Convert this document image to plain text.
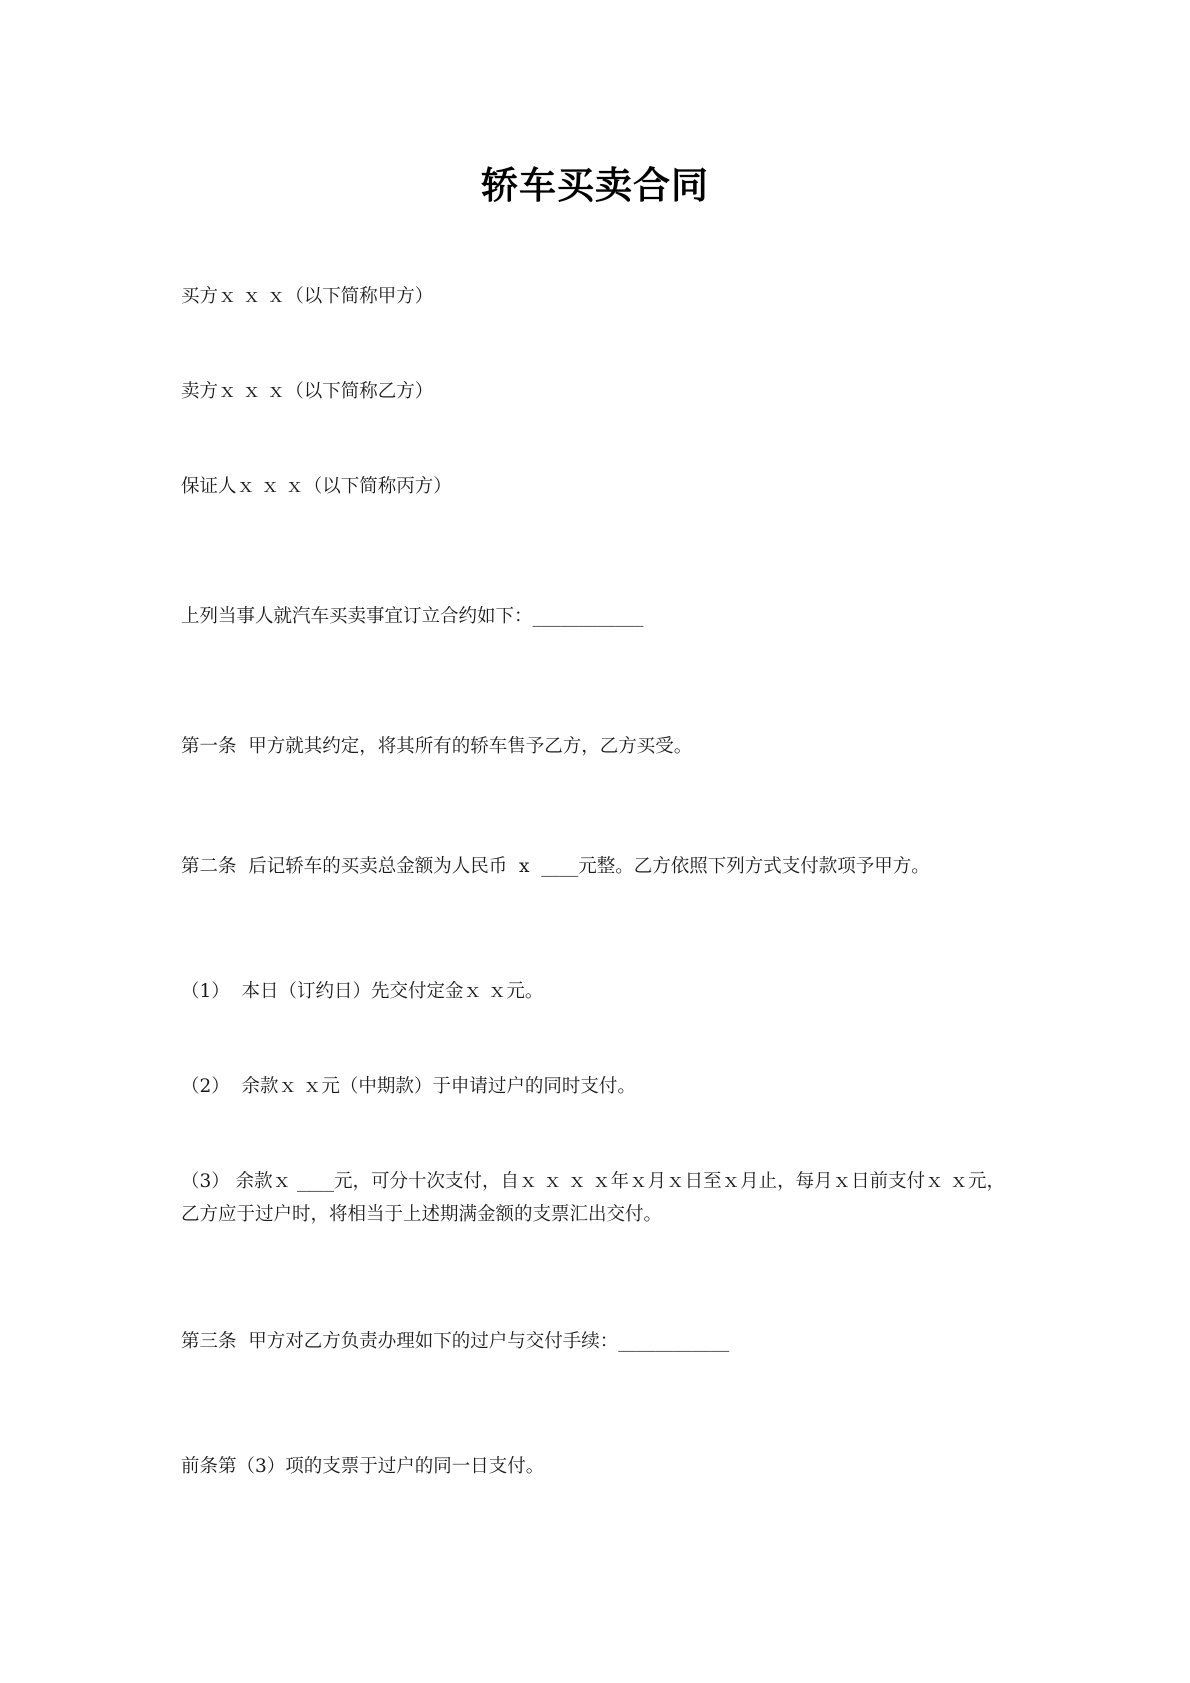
轿车买卖合同
买方ｘ ｘ ｘ（以下简称甲方）
卖方ｘ ｘ ｘ（以下简称乙方）
保证人ｘ ｘ ｘ（以下简称丙方）
上列当事人就汽车买卖事宜订立合约如下：____________
第一条  甲方就其约定，将其所有的轿车售予乙方，乙方买受。
第二条  后记轿车的买卖总金额为人民币  x  ____元整。乙方依照下列方式支付款项予甲方。
（1）  本日（订约日）先交付定金ｘ ｘ元。
（2）  余款ｘ ｘ元（中期款）于申请过户的同时支付。
（3） 余款ｘ ____元，可分十次支付，自ｘ ｘ ｘ ｘ年ｘ月ｘ日至ｘ月止，每月ｘ日前支付ｘ ｘ元，乙方应于过户时，将相当于上述期满金额的支票汇出交付。
第三条  甲方对乙方负责办理如下的过户与交付手续：____________
前条第（3）项的支票于过户的同一日支付。
